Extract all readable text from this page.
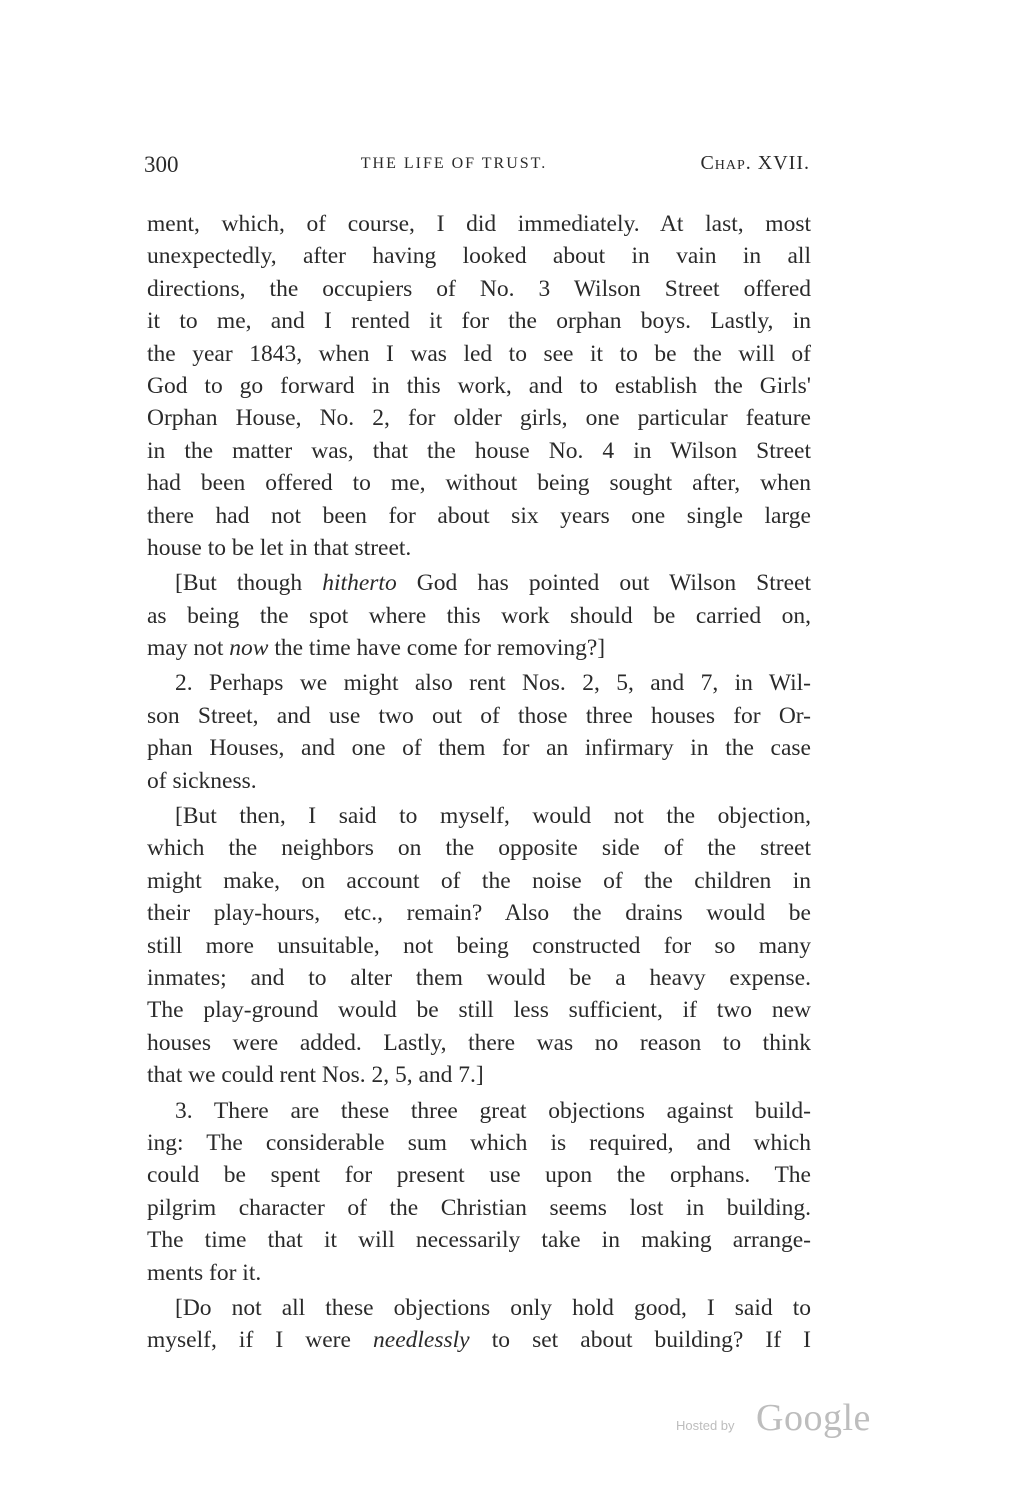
300	THE LIFE OF TRUST.	Chap. XVII.
ment, which, of course, I did immediately. At last, most
unexpectedly, after having looked about in vain in all
directions, the occupiers of No. 3 Wilson Street offered
it to me, and I rented it for the orphan boys. Lastly, in
the year 1843, when I was led to see it to be the will of
God to go forward in this work, and to establish the Girls'
Orphan House, No. 2, for older girls, one particular feature
in the matter was, that the house No. 4 in Wilson Street
had been offered to me, without being sought after, when
there had not been for about six years one single large
house to be let in that street.
[But though hitherto God has pointed out Wilson Street
as being the spot where this work should be carried on,
may not now the time have come for removing?]
2. Perhaps we might also rent Nos. 2, 5, and 7, in Wil-
son Street, and use two out of those three houses for Or-
phan Houses, and one of them for an infirmary in the case
of sickness.
[But then, I said to myself, would not the objection,
which the neighbors on the opposite side of the street
might make, on account of the noise of the children in
their play-hours, etc., remain? Also the drains would be
still more unsuitable, not being constructed for so many
inmates; and to alter them would be a heavy expense.
The play-ground would be still less sufficient, if two new
houses were added. Lastly, there was no reason to think
that we could rent Nos. 2, 5, and 7.]
3. There are these three great objections against build-
ing: The considerable sum which is required, and which
could be spent for present use upon the orphans. The
pilgrim character of the Christian seems lost in building.
The time that it will necessarily take in making arrange-
ments for it.
[Do not all these objections only hold good, I said to
myself, if I were needlessly to set about building? If I
Hosted by Google
